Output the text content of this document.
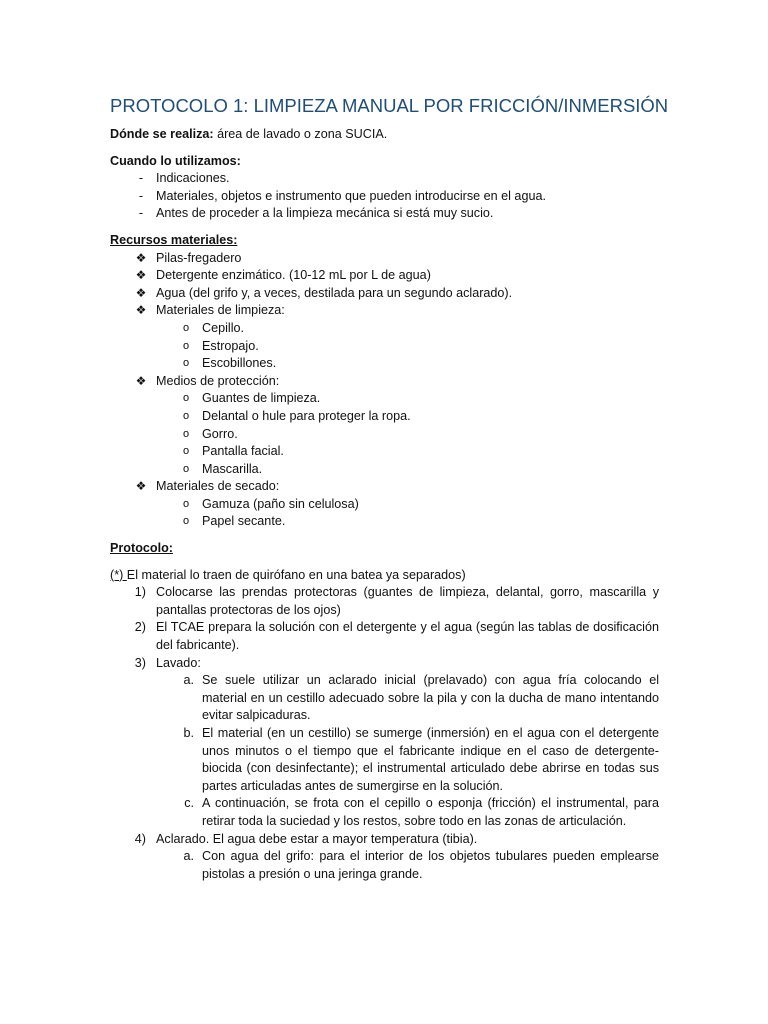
PROTOCOLO 1: LIMPIEZA MANUAL POR FRICCIÓN/INMERSIÓN

Dónde se realiza: área de lavado o zona SUCIA.

Cuando lo utilizamos:

-	Indicaciones.
-	Materiales, objetos e instrumento que pueden introducirse en el agua.
-	Antes de proceder a la limpieza mecánica si está muy sucio.

Recursos materiales:

❖ Pilas-fregadero
❖ Detergente enzimático. (10-12 mL por L de agua)
❖ Agua (del grifo y, a veces, destilada para un segundo aclarado).
❖ Materiales de limpieza:
o	Cepillo.
o	Estropajo.
o	Escobillones.
❖ Medios de protección:
o	Guantes de limpieza.
o	Delantal o hule para proteger la ropa.
o	Gorro.
o	Pantalla facial.
o	Mascarilla.
❖ Materiales de secado:
o	Gamuza (paño sin celulosa)
o	Papel secante.

Protocolo:

(*) El material lo traen de quirófano en una batea ya separados)

1) Colocarse las prendas protectoras (guantes de limpieza, delantal, gorro, mascarilla y pantallas protectoras de los ojos)
2) El TCAE prepara la solución con el detergente y el agua (según las tablas de dosificación del fabricante).
3) Lavado:
a. Se suele utilizar un aclarado inicial (prelavado) con agua fría colocando el material en un cestillo adecuado sobre la pila y con la ducha de mano intentando evitar salpicaduras.
b. El material (en un cestillo) se sumerge (inmersión) en el agua con el detergente unos minutos o el tiempo que el fabricante indique en el caso de detergente-biocida (con desinfectante); el instrumental articulado debe abrirse en todas sus partes articuladas antes de sumergirse en la solución.
c. A continuación, se frota con el cepillo o esponja (fricción) el instrumental, para retirar toda la suciedad y los restos, sobre todo en las zonas de articulación.
4) Aclarado. El agua debe estar a mayor temperatura (tibia).
a. Con agua del grifo: para el interior de los objetos tubulares pueden emplearse pistolas a presión o una jeringa grande.
